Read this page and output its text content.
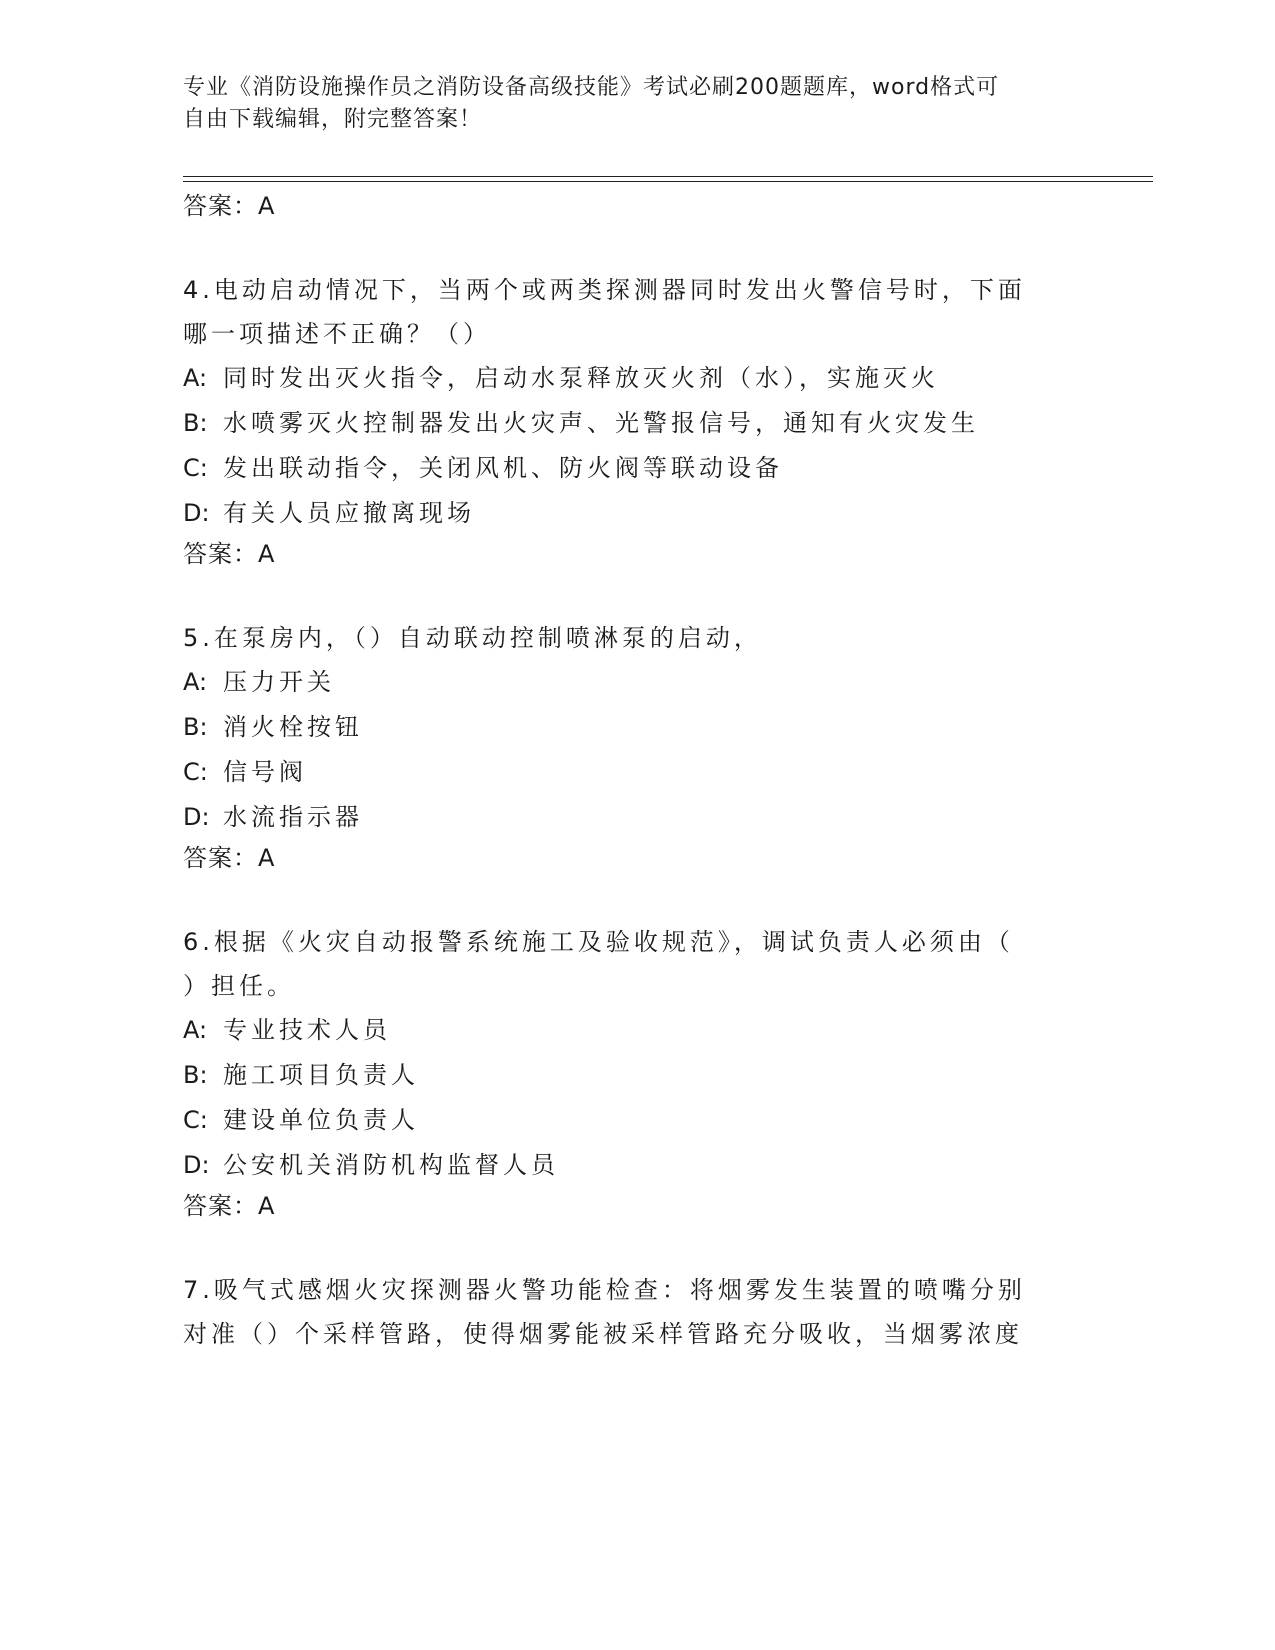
专业《消防设施操作员之消防设备高级技能》考试必刷200题题库，word格式可
自由下载编辑，附完整答案！
答案：A
4.电动启动情况下，当两个或两类探测器同时发出火警信号时，下面
哪一项描述不正确？（）
A: 同时发出灭火指令，启动水泵释放灭火剂（水），实施灭火
B: 水喷雾灭火控制器发出火灾声、光警报信号，通知有火灾发生
C: 发出联动指令，关闭风机、防火阀等联动设备
D: 有关人员应撤离现场
答案：A
5.在泵房内，（）自动联动控制喷淋泵的启动，
A: 压力开关
B: 消火栓按钮
C: 信号阀
D: 水流指示器
答案：A
6.根据《火灾自动报警系统施工及验收规范》，调试负责人必须由（
）担任。
A: 专业技术人员
B: 施工项目负责人
C: 建设单位负责人
D: 公安机关消防机构监督人员
答案：A
7.吸气式感烟火灾探测器火警功能检查：将烟雾发生装置的喷嘴分别
对准（）个采样管路，使得烟雾能被采样管路充分吸收，当烟雾浓度
